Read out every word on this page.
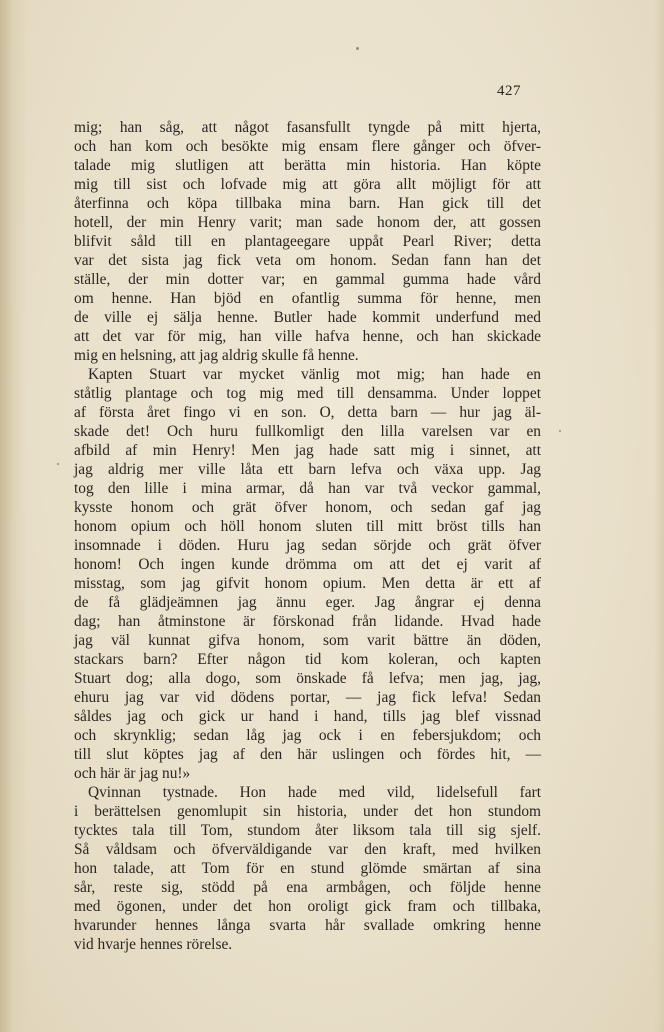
427
mig; han såg, att något fasansfullt tyngde på mitt hjerta,
och han kom och besökte mig ensam flere gånger och öfver-
talade mig slutligen att berätta min historia. Han köpte
mig till sist och lofvade mig att göra allt möjligt för att
återfinna och köpa tillbaka mina barn. Han gick till det
hotell, der min Henry varit; man sade honom der, att gossen
blifvit såld till en plantageegare uppåt Pearl River; detta
var det sista jag fick veta om honom. Sedan fann han det
ställe, der min dotter var; en gammal gumma hade vård
om henne. Han bjöd en ofantlig summa för henne, men
de ville ej sälja henne. Butler hade kommit underfund med
att det var för mig, han ville hafva henne, och han skickade
mig en helsning, att jag aldrig skulle få henne.
Kapten Stuart var mycket vänlig mot mig; han hade en
ståtlig plantage och tog mig med till densamma. Under loppet
af första året fingo vi en son. O, detta barn — hur jag äl-
skade det! Och huru fullkomligt den lilla varelsen var en
afbild af min Henry! Men jag hade satt mig i sinnet, att
jag aldrig mer ville låta ett barn lefva och växa upp. Jag
tog den lille i mina armar, då han var två veckor gammal,
kysste honom och grät öfver honom, och sedan gaf jag
honom opium och höll honom sluten till mitt bröst tills han
insomnade i döden. Huru jag sedan sörjde och grät öfver
honom! Och ingen kunde drömma om att det ej varit af
misstag, som jag gifvit honom opium. Men detta är ett af
de få glädjeämnen jag ännu eger. Jag ångrar ej denna
dag; han åtminstone är förskonad från lidande. Hvad hade
jag väl kunnat gifva honom, som varit bättre än döden,
stackars barn? Efter någon tid kom koleran, och kapten
Stuart dog; alla dogo, som önskade få lefva; men jag, jag,
ehuru jag var vid dödens portar, — jag fick lefva! Sedan
såldes jag och gick ur hand i hand, tills jag blef vissnad
och skrynklig; sedan låg jag ock i en febersjukdom; och
till slut köptes jag af den här uslingen och fördes hit, —
och här är jag nu!»
Qvinnan tystnade. Hon hade med vild, lidelsefull fart
i berättelsen genomlupit sin historia, under det hon stundom
tycktes tala till Tom, stundom åter liksom tala till sig sjelf.
Så våldsam och öfverväldigande var den kraft, med hvilken
hon talade, att Tom för en stund glömde smärtan af sina
sår, reste sig, stödd på ena armbågen, och följde henne
med ögonen, under det hon oroligt gick fram och tillbaka,
hvarunder hennes långa svarta hår svallade omkring henne
vid hvarje hennes rörelse.
